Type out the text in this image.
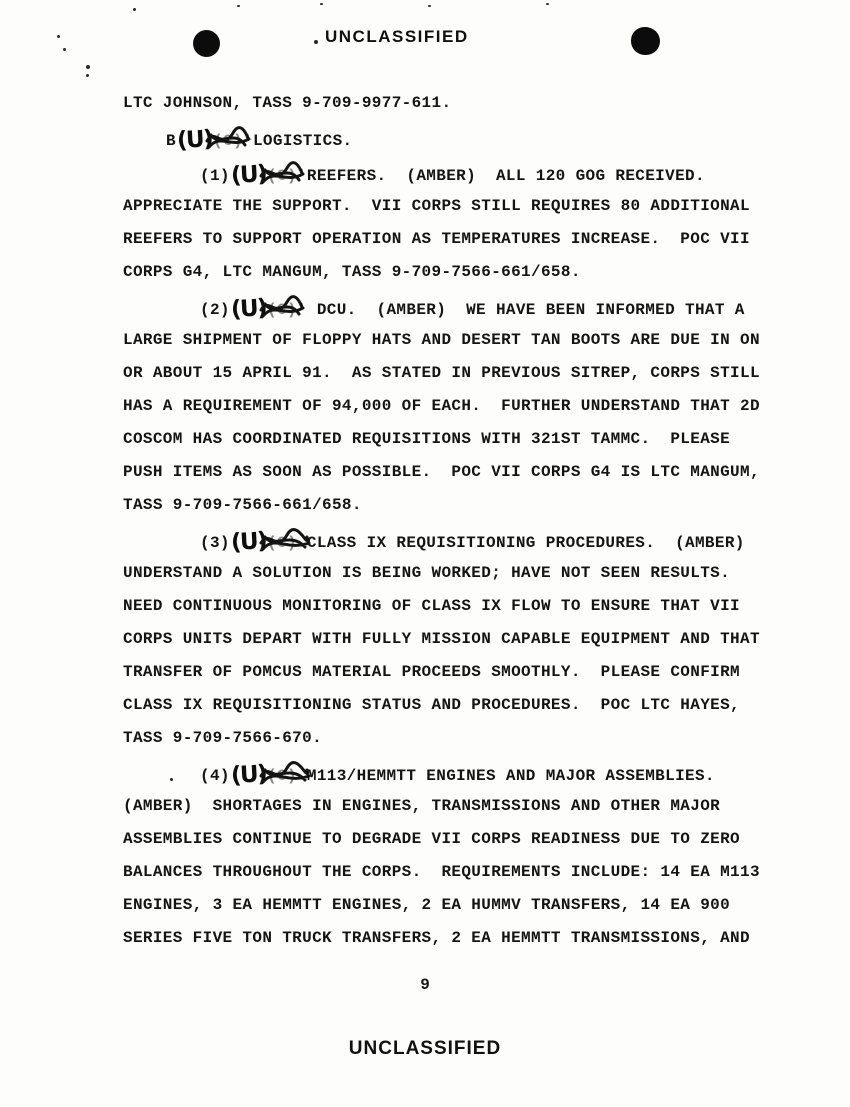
UNCLASSIFIED
LTC JOHNSON, TASS 9-709-9977-611.
B(U)(C)
LOGISTICS.
(1)(U)(C)
REEFERS.  (AMBER)  ALL 120 GOG RECEIVED.
APPRECIATE THE SUPPORT.  VII CORPS STILL REQUIRES 80 ADDITIONAL
REEFERS TO SUPPORT OPERATION AS TEMPERATURES INCREASE.  POC VII
CORPS G4, LTC MANGUM, TASS 9-709-7566-661/658.
(2)(U)(C)
DCU.  (AMBER)  WE HAVE BEEN INFORMED THAT A
LARGE SHIPMENT OF FLOPPY HATS AND DESERT TAN BOOTS ARE DUE IN ON
OR ABOUT 15 APRIL 91.  AS STATED IN PREVIOUS SITREP, CORPS STILL
HAS A REQUIREMENT OF 94,000 OF EACH.  FURTHER UNDERSTAND THAT 2D
COSCOM HAS COORDINATED REQUISITIONS WITH 321ST TAMMC.  PLEASE
PUSH ITEMS AS SOON AS POSSIBLE.  POC VII CORPS G4 IS LTC MANGUM,
TASS 9-709-7566-661/658.
(3)(U)(C)
CLASS IX REQUISITIONING PROCEDURES.  (AMBER)
UNDERSTAND A SOLUTION IS BEING WORKED; HAVE NOT SEEN RESULTS.
NEED CONTINUOUS MONITORING OF CLASS IX FLOW TO ENSURE THAT VII
CORPS UNITS DEPART WITH FULLY MISSION CAPABLE EQUIPMENT AND THAT
TRANSFER OF POMCUS MATERIAL PROCEEDS SMOOTHLY.  PLEASE CONFIRM
CLASS IX REQUISITIONING STATUS AND PROCEDURES.  POC LTC HAYES,
TASS 9-709-7566-670.
(4)(U)(C)
M113/HEMMTT ENGINES AND MAJOR ASSEMBLIES.
(AMBER)  SHORTAGES IN ENGINES, TRANSMISSIONS AND OTHER MAJOR
ASSEMBLIES CONTINUE TO DEGRADE VII CORPS READINESS DUE TO ZERO
BALANCES THROUGHOUT THE CORPS.  REQUIREMENTS INCLUDE: 14 EA M113
ENGINES, 3 EA HEMMTT ENGINES, 2 EA HUMMV TRANSFERS, 14 EA 900
SERIES FIVE TON TRUCK TRANSFERS, 2 EA HEMMTT TRANSMISSIONS, AND
9
UNCLASSIFIED
